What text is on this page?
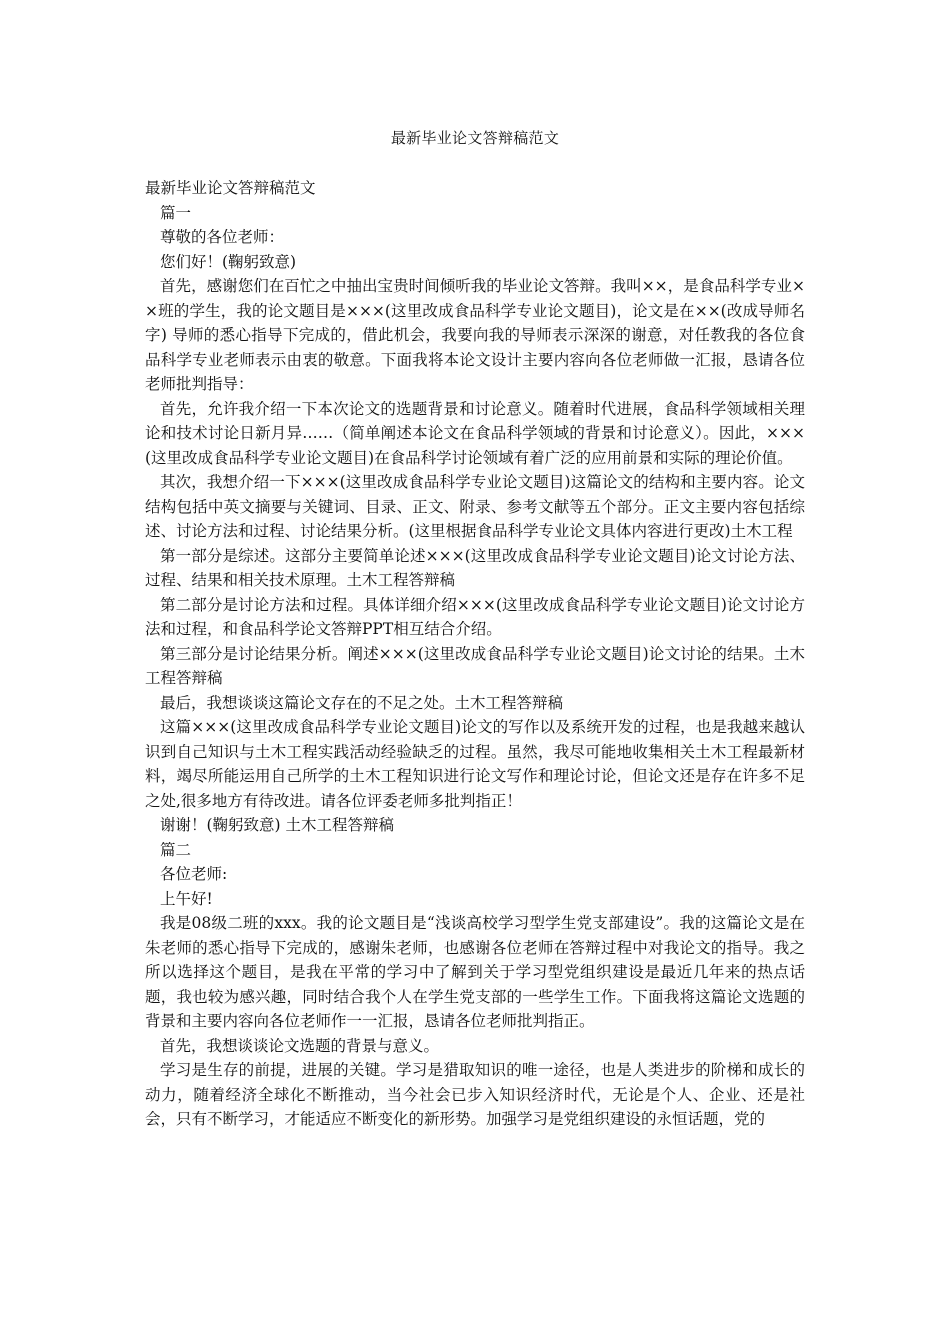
最新毕业论文答辩稿范文

最新毕业论文答辩稿范文

篇一

尊敬的各位老师：

您们好！(鞠躬致意)

首先，感谢您们在百忙之中抽出宝贵时间倾听我的毕业论文答辩。我叫××，是食品科学专业××班的学生，我的论文题目是×××(这里改成食品科学专业论文题目)，论文是在××(改成导师名字) 导师的悉心指导下完成的，借此机会，我要向我的导师表示深深的谢意，对任教我的各位食品科学专业老师表示由衷的敬意。下面我将本论文设计主要内容向各位老师做一汇报，恳请各位老师批判指导：

首先，允许我介绍一下本次论文的选题背景和讨论意义。随着时代进展，食品科学领域相关理论和技术讨论日新月异……（简单阐述本论文在食品科学领域的背景和讨论意义）。因此，×××(这里改成食品科学专业论文题目)在食品科学讨论领域有着广泛的应用前景和实际的理论价值。

其次，我想介绍一下×××(这里改成食品科学专业论文题目)这篇论文的结构和主要内容。论文结构包括中英文摘要与关键词、目录、正文、附录、参考文献等五个部分。正文主要内容包括综述、讨论方法和过程、讨论结果分析。(这里根据食品科学专业论文具体内容进行更改)土木工程

第一部分是综述。这部分主要简单论述×××(这里改成食品科学专业论文题目)论文讨论方法、过程、结果和相关技术原理。土木工程答辩稿

第二部分是讨论方法和过程。具体详细介绍×××(这里改成食品科学专业论文题目)论文讨论方法和过程，和食品科学论文答辩PPT相互结合介绍。

第三部分是讨论结果分析。阐述×××(这里改成食品科学专业论文题目)论文讨论的结果。土木工程答辩稿

最后，我想谈谈这篇论文存在的不足之处。土木工程答辩稿

这篇×××(这里改成食品科学专业论文题目)论文的写作以及系统开发的过程，也是我越来越认识到自己知识与土木工程实践活动经验缺乏的过程。虽然，我尽可能地收集相关土木工程最新材料，竭尽所能运用自己所学的土木工程知识进行论文写作和理论讨论，但论文还是存在许多不足之处,很多地方有待改进。请各位评委老师多批判指正！

谢谢！(鞠躬致意) 土木工程答辩稿

篇二

各位老师:

上午好!

我是08级二班的xxx。我的论文题目是“浅谈高校学习型学生党支部建设”。我的这篇论文是在朱老师的悉心指导下完成的，感谢朱老师，也感谢各位老师在答辩过程中对我论文的指导。我之所以选择这个题目，是我在平常的学习中了解到关于学习型党组织建设是最近几年来的热点话题，我也较为感兴趣，同时结合我个人在学生党支部的一些学生工作。下面我将这篇论文选题的背景和主要内容向各位老师作一一汇报，恳请各位老师批判指正。

首先，我想谈谈论文选题的背景与意义。

学习是生存的前提，进展的关键。学习是猎取知识的唯一途径，也是人类进步的阶梯和成长的动力，随着经济全球化不断推动，当今社会已步入知识经济时代，无论是个人、企业、还是社会，只有不断学习，才能适应不断变化的新形势。加强学习是党组织建设的永恒话题，党的
